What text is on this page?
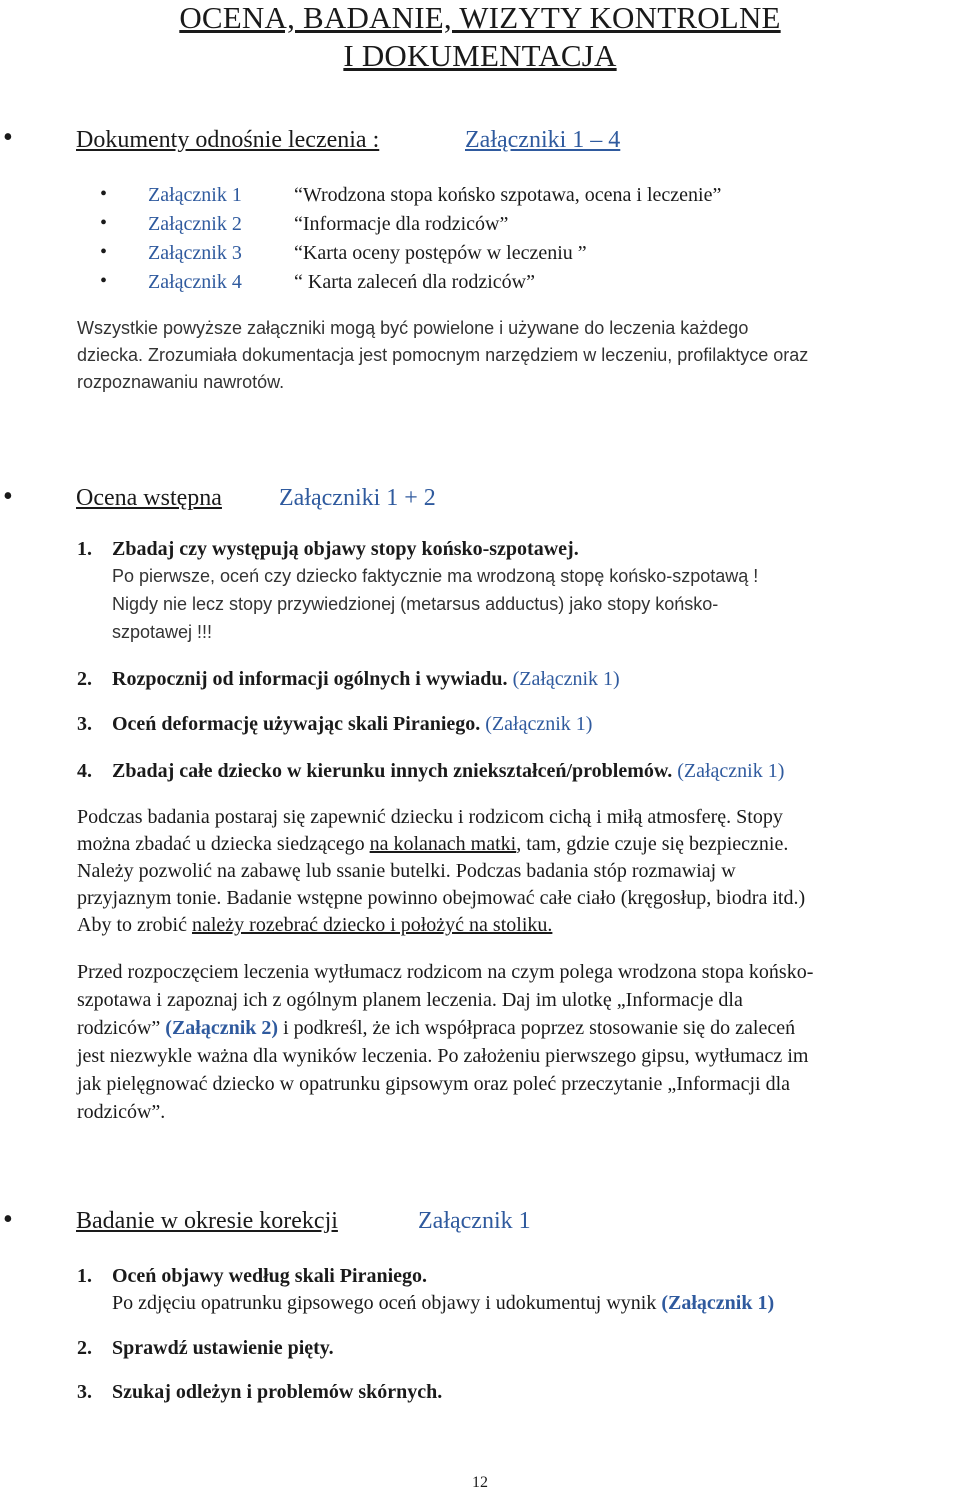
OCENA, BADANIE, WIZYTY KONTROLNE
I DOKUMENTACJA
•	Dokumenty odnośnie leczenia :	Załączniki 1 – 4
• Załącznik 1	“Wrodzona stopa końsko szpotawa, ocena i leczenie”
• Załącznik 2	“Informacje dla rodziców”
• Załącznik 3	“Karta oceny postępów w leczeniu ”
• Załącznik 4	“ Karta zaleceń dla rodziców”
Wszystkie powyższe załączniki mogą być powielone i używane do leczenia każdego
dziecka. Zrozumiała dokumentacja jest pomocnym narzędziem w leczeniu, profilaktyce oraz
rozpoznawaniu nawrotów.
•	Ocena wstępna Załączniki 1 + 2
1. Zbadaj czy występują objawy stopy końsko-szpotawej.
Po pierwsze, oceń czy dziecko faktycznie ma wrodzoną stopę końsko-szpotawą !
Nigdy nie lecz stopy przywiedzionej (metarsus adductus) jako stopy końsko-
szpotawej !!!
2. Rozpocznij od informacji ogólnych i wywiadu. (Załącznik 1)
3. Oceń deformację używając skali Piraniego. (Załącznik 1)
4. Zbadaj całe dziecko w kierunku innych zniekształceń/problemów. (Załącznik 1)
Podczas badania postaraj się zapewnić dziecku i rodzicom cichą i miłą atmosferę. Stopy
można zbadać u dziecka siedzącego na kolanach matki, tam, gdzie czuje się bezpiecznie.
Należy pozwolić na zabawę lub ssanie butelki. Podczas badania stóp rozmawiaj w
przyjaznym tonie. Badanie wstępne powinno obejmować całe ciało (kręgosłup, biodra itd.)
Aby to zrobić należy rozebrać dziecko i położyć na stoliku.
Przed rozpoczęciem leczenia wytłumacz rodzicom na czym polega wrodzona stopa końsko-
szpotawa i zapoznaj ich z ogólnym planem leczenia. Daj im ulotkę „Informacje dla
rodziców” (Załącznik 2) i podkreśl, że ich współpraca poprzez stosowanie się do zaleceń
jest niezwykle ważna dla wyników leczenia. Po założeniu pierwszego gipsu, wytłumacz im
jak pielęgnować dziecko w opatrunku gipsowym oraz poleć przeczytanie „Informacji dla
rodziców”.
•	Badanie w okresie korekcji	Załącznik 1
1. Oceń objawy według skali Piraniego.
Po zdjęciu opatrunku gipsowego oceń objawy i udokumentuj wynik (Załącznik 1)
2. Sprawdź ustawienie pięty.
3. Szukaj odleżyn i problemów skórnych.
12
